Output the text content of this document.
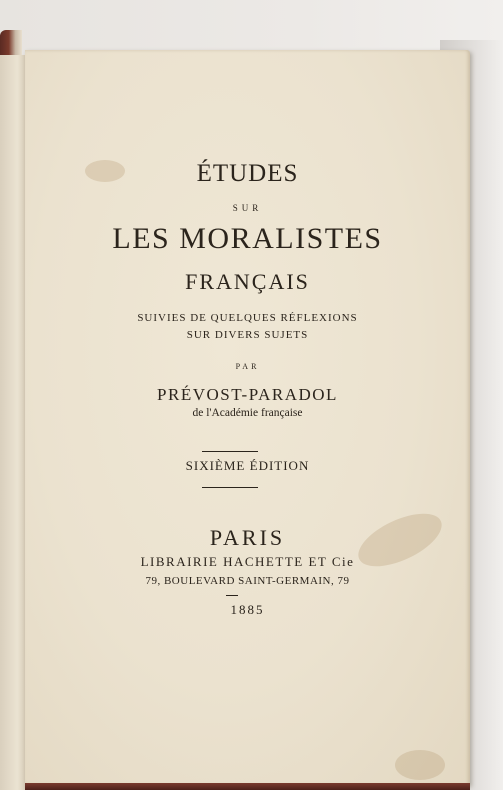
ÉTUDES
SUR
LES MORALISTES
FRANÇAIS
SUIVIES DE QUELQUES RÉFLEXIONS
SUR DIVERS SUJETS
PAR
PRÉVOST-PARADOL
de l'Académie française
SIXIÈME ÉDITION
PARIS
LIBRAIRIE HACHETTE ET Cie
79, BOULEVARD SAINT-GERMAIN, 79
1885
